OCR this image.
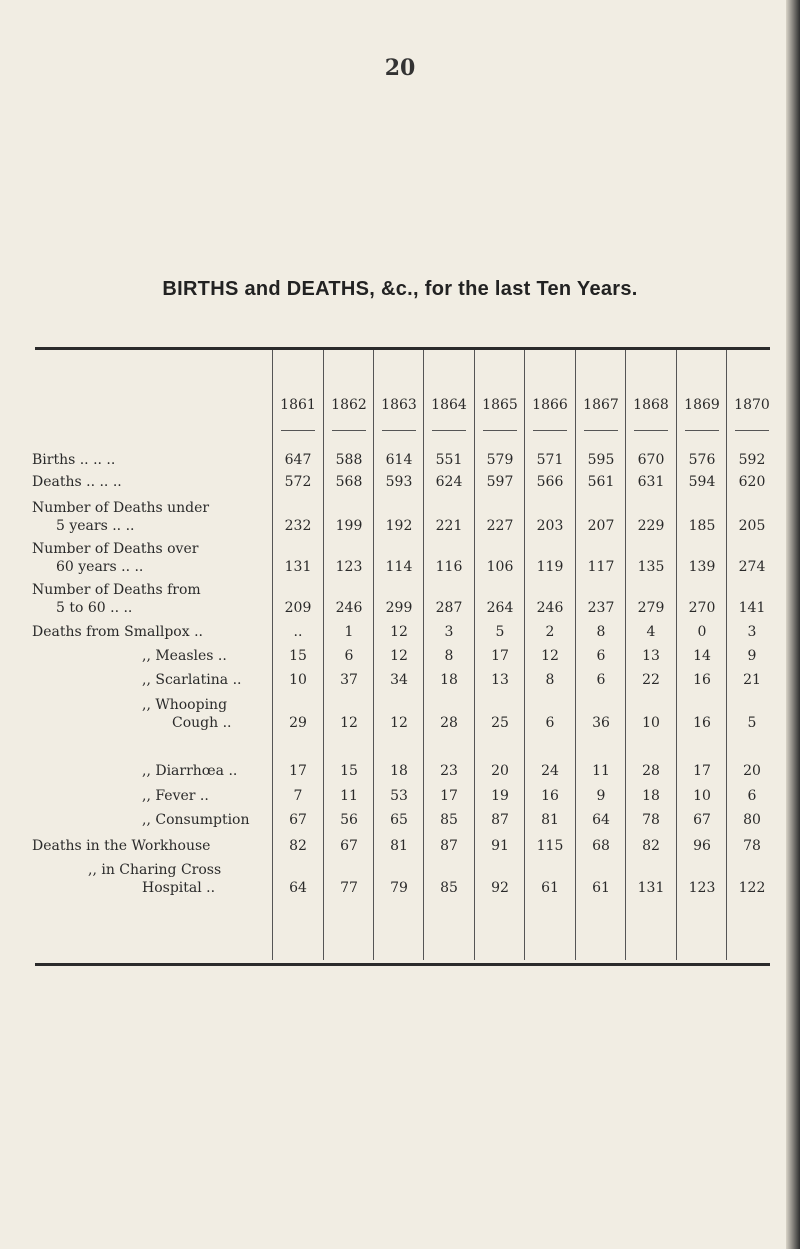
20
BIRTHS and DEATHS, &c., for the last Ten Years.
1861	1862	1863	1864	1865	1866	1867	1868	1869	1870
Births .. .. ..	647	588	614	551	579	571	595	670	576	592
Deaths .. .. ..	572	568	593	624	597	566	561	631	594	620
Number of Deaths under
5 years .. ..	232	199	192	221	227	203	207	229	185	205
Number of Deaths over
60 years .. ..	131	123	114	116	106	119	117	135	139	274
Number of Deaths from
5 to 60 .. ..	209	246	299	287	264	246	237	279	270	141
Deaths from Smallpox ..	..	1	12	3	5	2	8	4	0	3
,, Measles ..	15	6	12	8	17	12	6	13	14	9
,, Scarlatina ..	10	37	34	18	13	8	6	22	16	21
,, Whooping
Cough ..	29	12	12	28	25	6	36	10	16	5
,, Diarrhœa ..	17	15	18	23	20	24	11	28	17	20
,, Fever ..	7	11	53	17	19	16	9	18	10	6
,, Consumption	67	56	65	85	87	81	64	78	67	80
Deaths in the Workhouse	82	67	81	87	91	115	68	82	96	78
,, in Charing Cross
Hospital ..	64	77	79	85	92	61	61	131	123	122
